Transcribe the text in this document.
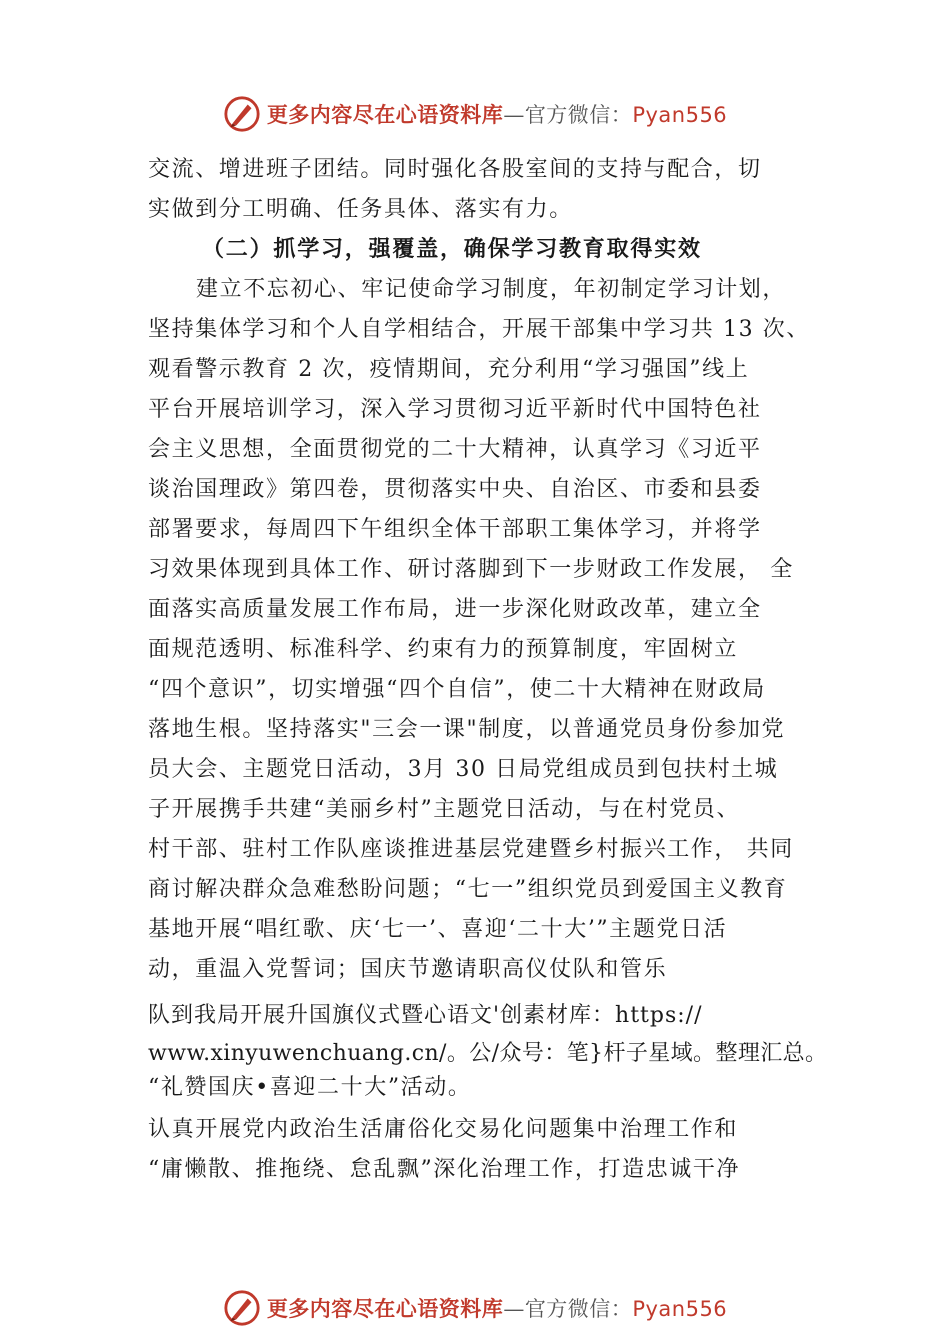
更多内容尽在心语资料库—官方微信：Pyan556
交流、增进班子团结。同时强化各股室间的支持与配合，切
实做到分工明确、任务具体、落实有力。
（二）抓学习，强覆盖，确保学习教育取得实效
建立不忘初心、牢记使命学习制度，年初制定学习计划，
坚持集体学习和个人自学相结合，开展干部集中学习共 13 次、
观看警示教育 2 次，疫情期间，充分利用“学习强国”线上
平台开展培训学习，深入学习贯彻习近平新时代中国特色社
会主义思想，全面贯彻党的二十大精神，认真学习《习近平
谈治国理政》第四卷，贯彻落实中央、自治区、市委和县委
部署要求，每周四下午组织全体干部职工集体学习，并将学
习效果体现到具体工作、研讨落脚到下一步财政工作发展， 全
面落实高质量发展工作布局，进一步深化财政改革，建立全
面规范透明、标准科学、约束有力的预算制度，牢固树立
“四个意识”，切实增强“四个自信”，使二十大精神在财政局
落地生根。坚持落实"三会一课"制度，以普通党员身份参加党
员大会、主题党日活动，3月 30 日局党组成员到包扶村土城
子开展携手共建“美丽乡村”主题党日活动，与在村党员、
村干部、驻村工作队座谈推进基层党建暨乡村振兴工作， 共同
商讨解决群众急难愁盼问题；“七一”组织党员到爱国主义教育
基地开展“唱红歌、庆‘七一’、喜迎‘二十大’”主题党日活
动，重温入党誓词；国庆节邀请职高仪仗队和管乐
队到我局开展升国旗仪式暨心语文'创素材库：https://
www.xinyuwenchuang.cn/。公/众号：笔}杆子星域。整理汇总。
“礼赞国庆•喜迎二十大”活动。
认真开展党内政治生活庸俗化交易化问题集中治理工作和
“庸懒散、推拖绕、怠乱飘”深化治理工作，打造忠诚干净
更多内容尽在心语资料库—官方微信：Pyan556
